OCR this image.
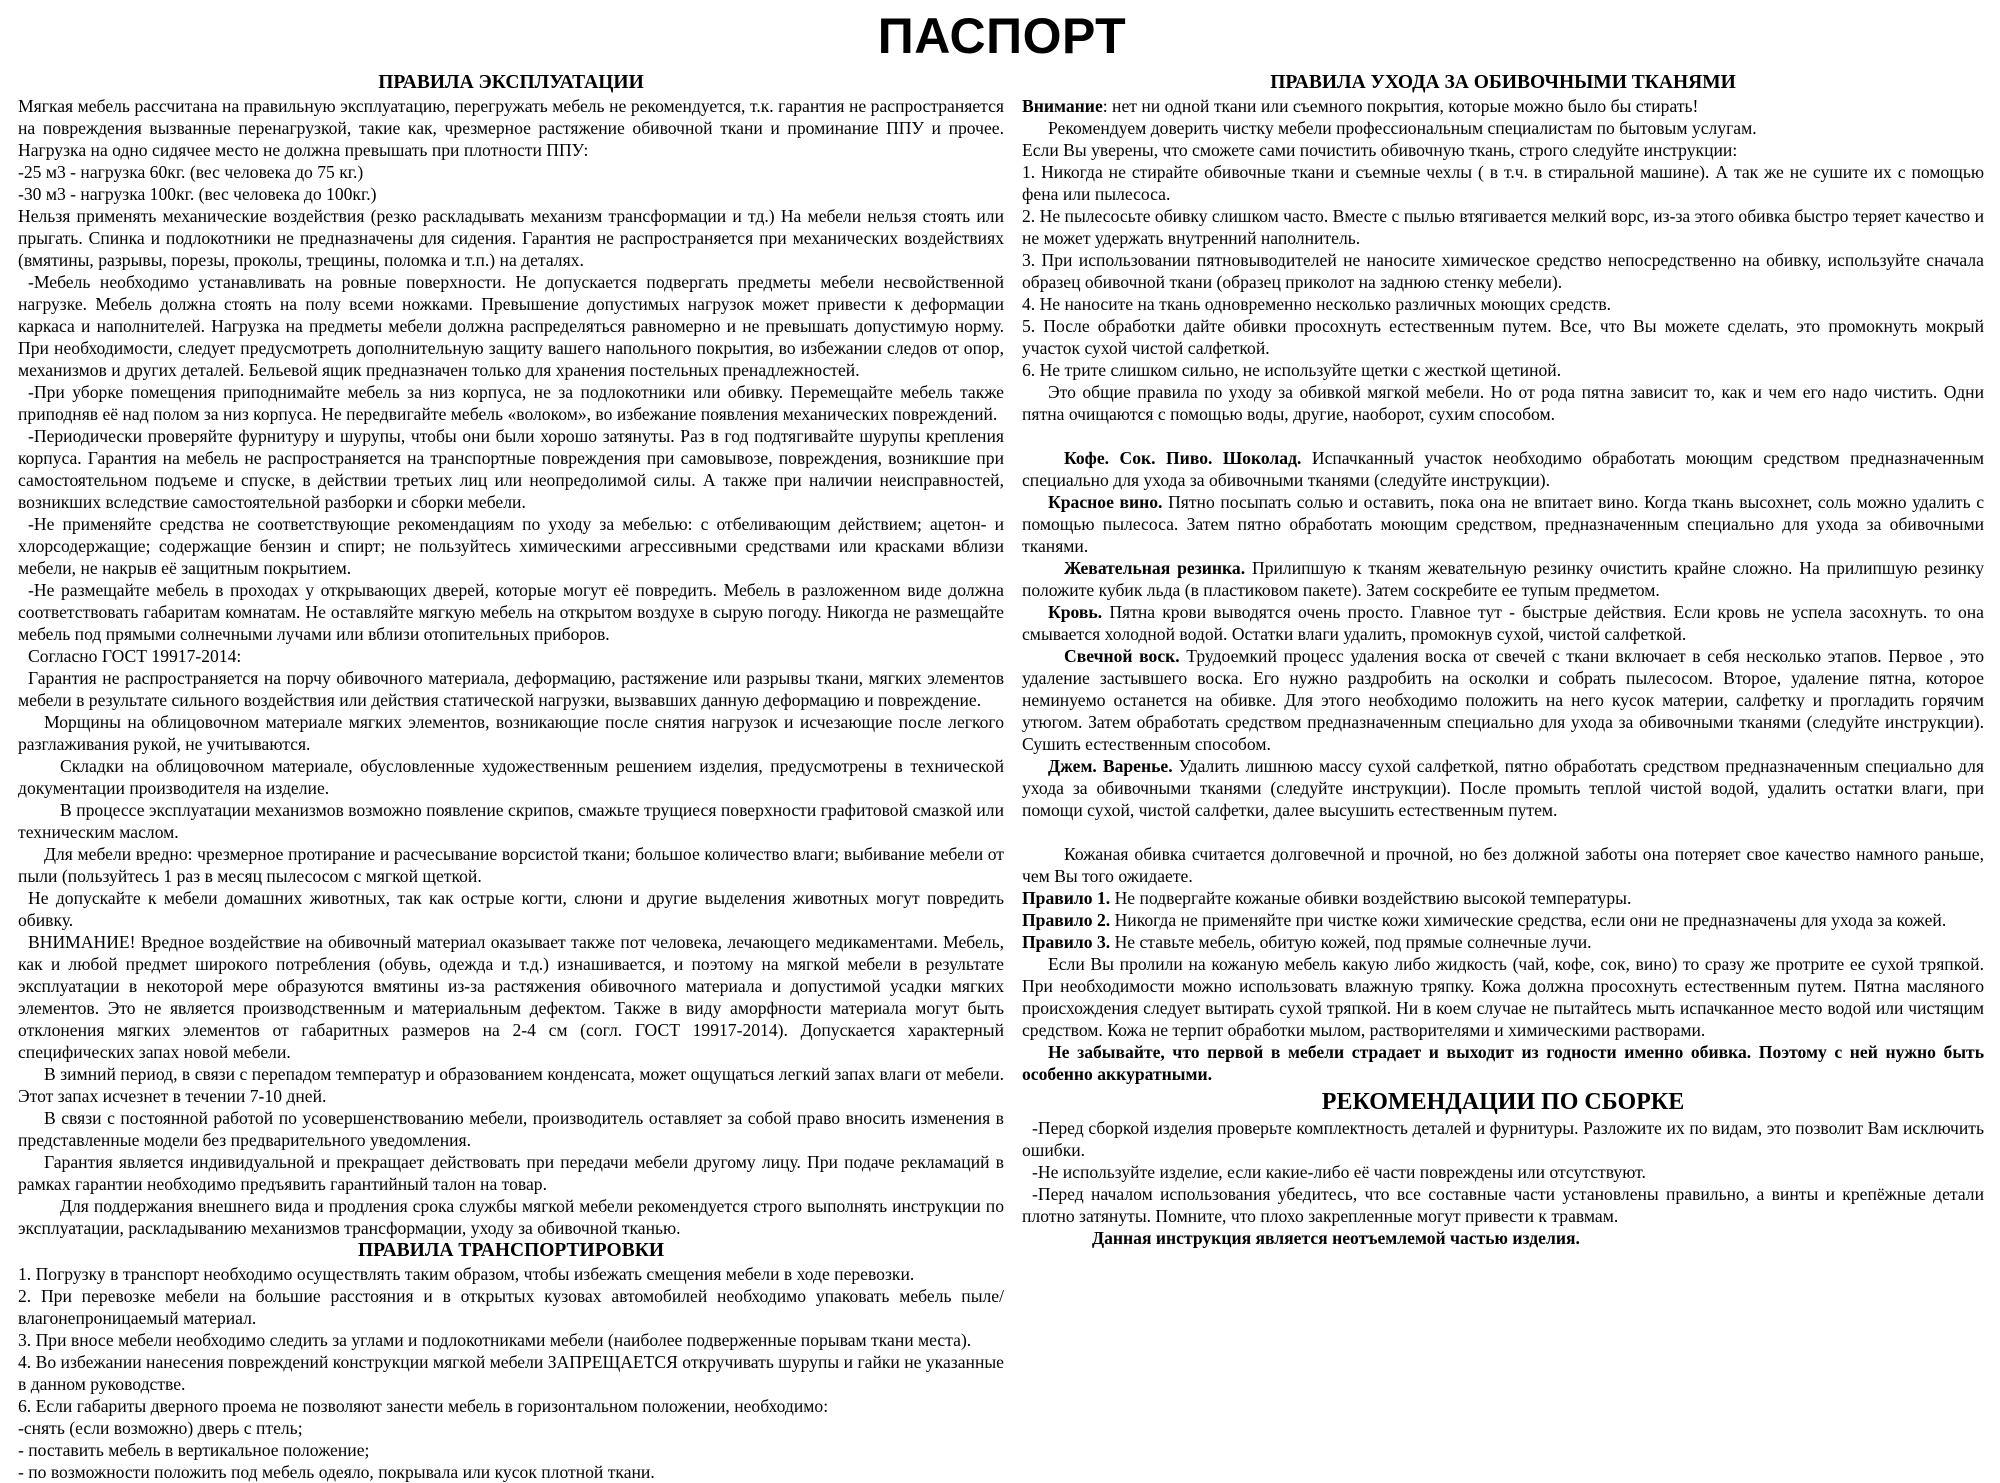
ПАСПОРТ
ПРАВИЛА ЭКСПЛУАТАЦИИ

Мягкая мебель рассчитана на правильную эксплуатацию, перегружать мебель не рекомендуется, т.к. гарантия не распространяется на повреждения вызванные перенагрузкой, такие как, чрезмерное растяжение обивочной ткани и проминание ППУ и прочее. Нагрузка на одно сидячее место не должна превышать при плотности ППУ:

-25 м3 - нагрузка 60кг. (вес человека до 75 кг.)

-30 м3 - нагрузка 100кг. (вес человека до 100кг.)

Нельзя применять механические воздействия (резко раскладывать механизм трансформации и тд.) На мебели нельзя стоять или прыгать. Спинка и подлокотники не предназначены для сидения. Гарантия не распространяется при механических воздействиях (вмятины, разрывы, порезы, проколы, трещины, поломка и т.п.) на деталях.

-Мебель необходимо устанавливать на ровные поверхности. Не допускается подвергать предметы мебели несвойственной нагрузке. Мебель должна стоять на полу всеми ножками. Превышение допустимых нагрузок может привести к деформации каркаса и наполнителей. Нагрузка на предметы мебели должна распределяться равномерно и не превышать допустимую норму. При необходимости, следует предусмотреть дополнительную защиту вашего напольного покрытия, во избежании следов от опор, механизмов и других деталей. Бельевой ящик предназначен только для хранения постельных пренадлежностей.

-При уборке помещения приподнимайте мебель за низ корпуса, не за подлокотники или обивку. Перемещайте мебель также приподняв её над полом за низ корпуса. Не передвигайте мебель «волоком», во избежание появления механических повреждений.

-Периодически проверяйте фурнитуру и шурупы, чтобы они были хорошо затянуты. Раз в год подтягивайте шурупы крепления корпуса. Гарантия на мебель не распространяется на транспортные повреждения при самовывозе, повреждения, возникшие при самостоятельном подъеме и спуске, в действии третьих лиц или неопредолимой силы. А также при наличии неисправностей, возникших вследствие самостоятельной разборки и сборки мебели.

-Не применяйте средства не соответствующие рекомендациям по уходу за мебелью: с отбеливающим действием; ацетон- и хлорсодержащие; содержащие бензин и спирт; не пользуйтесь химическими агрессивными средствами или красками вблизи мебели, не накрыв её защитным покрытием.

-Не размещайте мебель в проходах у открывающих дверей, которые могут её повредить. Мебель в разложенном виде должна соответствовать габаритам комнатам. Не оставляйте мягкую мебель на открытом воздухе в сырую погоду. Никогда не размещайте мебель под прямыми солнечными лучами или вблизи отопительных приборов.

Согласно ГОСТ 19917-2014:

Гарантия не распространяется на порчу обивочного материала, деформацию, растяжение или разрывы ткани, мягких элементов мебели в результате сильного воздействия или действия статической нагрузки, вызвавших данную деформацию и повреждение.

Морщины на облицовочном материале мягких элементов, возникающие после снятия нагрузок и исчезающие после легкого разглаживания рукой, не учитываются.

Складки на облицовочном материале, обусловленные художественным решением изделия, предусмотрены в технической документации производителя на изделие.

В процессе эксплуатации механизмов возможно появление скрипов, смажьте трущиеся поверхности графитовой смазкой или техническим маслом.

Для мебели вредно: чрезмерное протирание и расчесывание ворсистой ткани; большое количество влаги; выбивание мебели от пыли (пользуйтесь 1 раз в месяц пылесосом с мягкой щеткой.

Не допускайте к мебели домашних животных, так как острые когти, слюни и другие выделения животных могут повредить обивку.

ВНИМАНИЕ! Вредное воздействие на обивочный материал оказывает также пот человека, лечающего медикаментами. Мебель, как и любой предмет широкого потребления (обувь, одежда и т.д.) изнашивается, и поэтому на мягкой мебели в результате эксплуатации в некоторой мере образуются вмятины из-за растяжения обивочного материала и допустимой усадки мягких элементов. Это не является производственным и материальным дефектом. Также в виду аморфности материала могут быть отклонения мягких элементов от габаритных размеров на 2-4 см (согл. ГОСТ 19917-2014). Допускается характерный специфических запах новой мебели.

В зимний период, в связи с перепадом температур и образованием конденсата, может ощущаться легкий запах влаги от мебели. Этот запах исчезнет в течении 7-10 дней.

В связи с постоянной работой по усовершенствованию мебели, производитель оставляет за собой право вносить изменения в представленные модели без предварительного уведомления.

Гарантия является индивидуальной и прекращает действовать при передачи мебели другому лицу. При подаче рекламаций в рамках гарантии необходимо предъявить гарантийный талон на товар.

Для поддержания внешнего вида и продления срока службы мягкой мебели рекомендуется строго выполнять инструкции по эксплуатации, раскладыванию механизмов трансформации, уходу за обивочной тканью.

ПРАВИЛА ТРАНСПОРТИРОВКИ

1. Погрузку в транспорт необходимо осуществлять таким образом, чтобы избежать смещения мебели в ходе перевозки.

2. При перевозке мебели на большие расстояния и в открытых кузовах автомобилей необходимо упаковать мебель пыле/влагонепроницаемый материал.

3. При вносе мебели необходимо следить за углами и подлокотниками мебели (наиболее подверженные порывам ткани места).

4. Во избежании нанесения повреждений конструкции мягкой мебели ЗАПРЕЩАЕТСЯ откручивать шурупы и гайки не указанные в данном руководстве.

6. Если габариты дверного проема не позволяют занести мебель в горизонтальном положении, необходимо:

-снять (если возможно) дверь с птель;

- поставить мебель в вертикальное положение;

- по возможности положить под мебель одеяло, покрывала или кусок плотной ткани.

ПРАВИЛА УХОДА ЗА ОБИВОЧНЫМИ ТКАНЯМИ

Внимание: нет ни одной ткани или съемного покрытия, которые можно было бы стирать!

Рекомендуем доверить чистку мебели профессиональным специалистам по бытовым услугам.

Если Вы уверены, что сможете сами почистить обивочную ткань, строго следуйте инструкции:

1. Никогда не стирайте обивочные ткани и съемные чехлы ( в т.ч. в стиральной машине). А так же не сушите их с помощью фена или пылесоса.

2. Не пылесосьте обивку слишком часто. Вместе с пылью втягивается мелкий ворс, из-за этого обивка быстро теряет качество и не может удержать внутренний наполнитель.

3. При использовании пятновыводителей не наносите химическое средство непосредственно на обивку, используйте сначала образец обивочной ткани (образец приколот на заднюю стенку мебели).

4. Не наносите на ткань одновременно несколько различных моющих средств.

5. После обработки дайте обивки просохнуть естественным путем. Все, что Вы можете сделать, это промокнуть мокрый участок сухой чистой салфеткой.

6. Не трите слишком сильно, не используйте щетки с жесткой щетиной.

Это общие правила по уходу за обивкой мягкой мебели. Но от рода пятна зависит то, как и чем его надо чистить. Одни пятна очищаются с помощью воды, другие, наоборот, сухим способом.

Кофе. Сок. Пиво. Шоколад. Испачканный участок необходимо обработать моющим средством предназначенным специально для ухода за обивочными тканями (следуйте инструкции).

Красное вино. Пятно посыпать солью и оставить, пока она не впитает вино. Когда ткань высохнет, соль можно удалить с помощью пылесоса. Затем пятно обработать моющим средством, предназначенным специально для ухода за обивочными тканями.

Жевательная резинка. Прилипшую к тканям жевательную резинку очистить крайне сложно. На прилипшую резинку положите кубик льда (в пластиковом пакете). Затем соскребите ее тупым предметом.

Кровь. Пятна крови выводятся очень просто. Главное тут - быстрые действия. Если кровь не успела засохнуть. то она смывается холодной водой. Остатки влаги удалить, промокнув сухой, чистой салфеткой.

Свечной воск. Трудоемкий процесс удаления воска от свечей с ткани включает в себя несколько этапов. Первое , это удаление застывшего воска. Его нужно раздробить на осколки и собрать пылесосом. Второе, удаление пятна, которое неминуемо останется на обивке. Для этого необходимо положить на него кусок материи, салфетку и прогладить горячим утюгом. Затем обработать средством предназначенным специально для ухода за обивочными тканями (следуйте инструкции). Сушить естественным способом.

Джем. Варенье. Удалить лишнюю массу сухой салфеткой, пятно обработать средством предназначенным специально для ухода за обивочными тканями (следуйте инструкции). После промыть теплой чистой водой, удалить остатки влаги, при помощи сухой, чистой салфетки, далее высушить естественным путем.

Кожаная обивка считается долговечной и прочной, но без должной заботы она потеряет свое качество намного раньше, чем Вы того ожидаете.

Правило 1. Не подвергайте кожаные обивки воздействию высокой температуры.

Правило 2. Никогда не применяйте при чистке кожи химические средства, если они не предназначены для ухода за кожей.

Правило 3. Не ставьте мебель, обитую кожей, под прямые солнечные лучи.

Если Вы пролили на кожаную мебель какую либо жидкость (чай, кофе, сок, вино) то сразу же протрите ее сухой тряпкой. При необходимости можно использовать влажную тряпку. Кожа должна просохнуть естественным путем. Пятна масляного происхождения следует вытирать сухой тряпкой. Ни в коем случае не пытайтесь мыть испачканное место водой или чистящим средством. Кожа не терпит обработки мылом, растворителями и химическими растворами.

Не забывайте, что первой в мебели страдает и выходит из годности именно обивка. Поэтому с ней нужно быть особенно аккуратными.

РЕКОМЕНДАЦИИ ПО СБОРКЕ

-Перед сборкой изделия проверьте комплектность деталей и фурнитуры. Разложите их по видам, это позволит Вам исключить ошибки.

-Не используйте изделие, если какие-либо её части повреждены или отсутствуют.

-Перед началом использования убедитесь, что все составные части установлены правильно, а винты и крепёжные детали плотно затянуты. Помните, что плохо закрепленные могут привести к травмам.

Данная инструкция является неотъемлемой частью изделия.
